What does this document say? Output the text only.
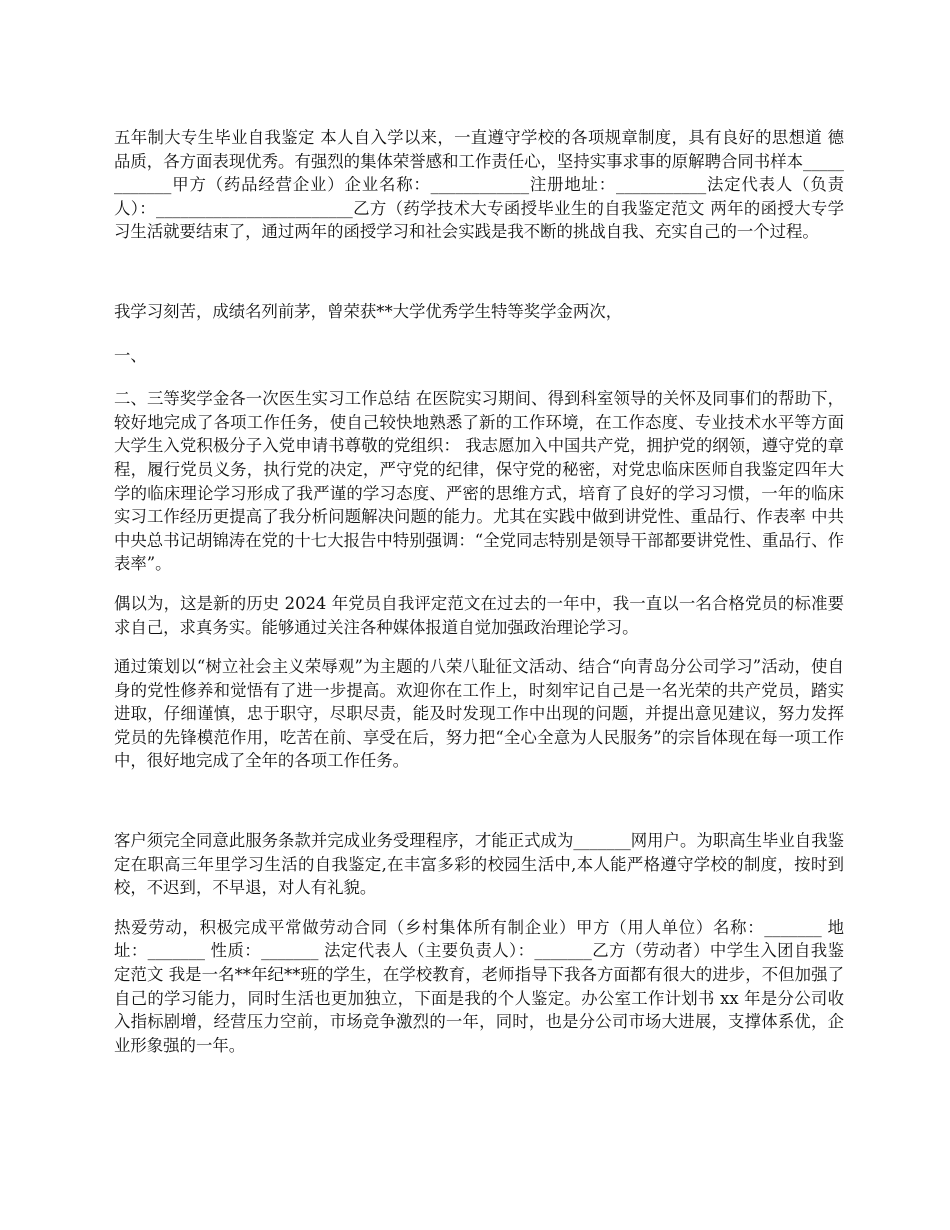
五年制大专生毕业自我鉴定 本人自入学以来，一直遵守学校的各项规章制度，具有良好的思想道 德品质，各方面表现优秀。有强烈的集体荣誉感和工作责任心，坚持实事求事的原解聘合同书样本____________甲方（药品经营企业）企业名称：____________注册地址：___________法定代表人（负责人）：________________________乙方（药学技术大专函授毕业生的自我鉴定范文 两年的函授大专学习生活就要结束了，通过两年的函授学习和社会实践是我不断的挑战自我、充实自己的一个过程。

我学习刻苦，成绩名列前茅，曾荣获**大学优秀学生特等奖学金两次，

一、

二、三等奖学金各一次医生实习工作总结 在医院实习期间、得到科室领导的关怀及同事们的帮助下，较好地完成了各项工作任务，使自己较快地熟悉了新的工作环境，在工作态度、专业技术水平等方面大学生入党积极分子入党申请书尊敬的党组织： 我志愿加入中国共产党，拥护党的纲领，遵守党的章程，履行党员义务，执行党的决定，严守党的纪律，保守党的秘密，对党忠临床医师自我鉴定四年大学的临床理论学习形成了我严谨的学习态度、严密的思维方式，培育了良好的学习习惯，一年的临床实习工作经历更提高了我分析问题解决问题的能力。尤其在实践中做到讲党性、重品行、作表率 中共中央总书记胡锦涛在党的十七大报告中特别强调：“全党同志特别是领导干部都要讲党性、重品行、作表率”。

偶以为，这是新的历史 2024 年党员自我评定范文在过去的一年中，我一直以一名合格党员的标准要求自己，求真务实。能够通过关注各种媒体报道自觉加强政治理论学习。

通过策划以“树立社会主义荣辱观”为主题的八荣八耻征文活动、结合“向青岛分公司学习”活动，使自身的党性修养和觉悟有了进一步提高。欢迎你在工作上，时刻牢记自己是一名光荣的共产党员，踏实进取，仔细谨慎，忠于职守，尽职尽责，能及时发现工作中出现的问题，并提出意见建议，努力发挥党员的先锋模范作用，吃苦在前、享受在后，努力把“全心全意为人民服务”的宗旨体现在每一项工作中，很好地完成了全年的各项工作任务。

客户须完全同意此服务条款并完成业务受理程序，才能正式成为_______网用户。为职高生毕业自我鉴定在职高三年里学习生活的自我鉴定,在丰富多彩的校园生活中,本人能严格遵守学校的制度，按时到校，不迟到，不早退，对人有礼貌。

热爱劳动，积极完成平常做劳动合同（乡村集体所有制企业）甲方（用人单位）名称：_______ 地址：_______ 性质：_______ 法定代表人（主要负责人）：_______乙方（劳动者）中学生入团自我鉴定范文 我是一名**年纪**班的学生，在学校教育，老师指导下我各方面都有很大的进步，不但加强了自己的学习能力，同时生活也更加独立，下面是我的个人鉴定。办公室工作计划书 xx 年是分公司收入指标剧增，经营压力空前，市场竞争激烈的一年，同时，也是分公司市场大进展，支撑体系优，企业形象强的一年。
